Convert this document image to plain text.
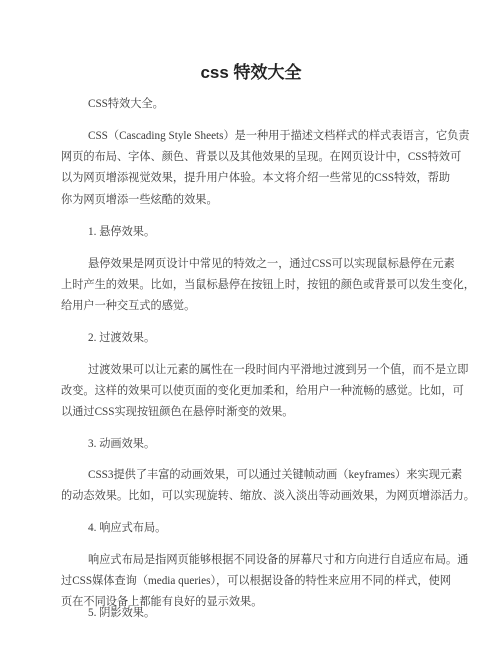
css 特效大全

CSS特效大全。

CSS（Cascading Style Sheets）是一种用于描述文档样式的样式表语言，它负责
网页的布局、字体、颜色、背景以及其他效果的呈现。在网页设计中，CSS特效可
以为网页增添视觉效果，提升用户体验。本文将介绍一些常见的CSS特效，帮助
你为网页增添一些炫酷的效果。

1. 悬停效果。

悬停效果是网页设计中常见的特效之一，通过CSS可以实现鼠标悬停在元素
上时产生的效果。比如，当鼠标悬停在按钮上时，按钮的颜色或背景可以发生变化，
给用户一种交互式的感觉。

2. 过渡效果。

过渡效果可以让元素的属性在一段时间内平滑地过渡到另一个值，而不是立即
改变。这样的效果可以使页面的变化更加柔和，给用户一种流畅的感觉。比如，可
以通过CSS实现按钮颜色在悬停时渐变的效果。

3. 动画效果。

CSS3提供了丰富的动画效果，可以通过关键帧动画（keyframes）来实现元素
的动态效果。比如，可以实现旋转、缩放、淡入淡出等动画效果，为网页增添活力。

4. 响应式布局。

响应式布局是指网页能够根据不同设备的屏幕尺寸和方向进行自适应布局。通
过CSS媒体查询（media queries），可以根据设备的特性来应用不同的样式，使网
页在不同设备上都能有良好的显示效果。

5. 阴影效果。
